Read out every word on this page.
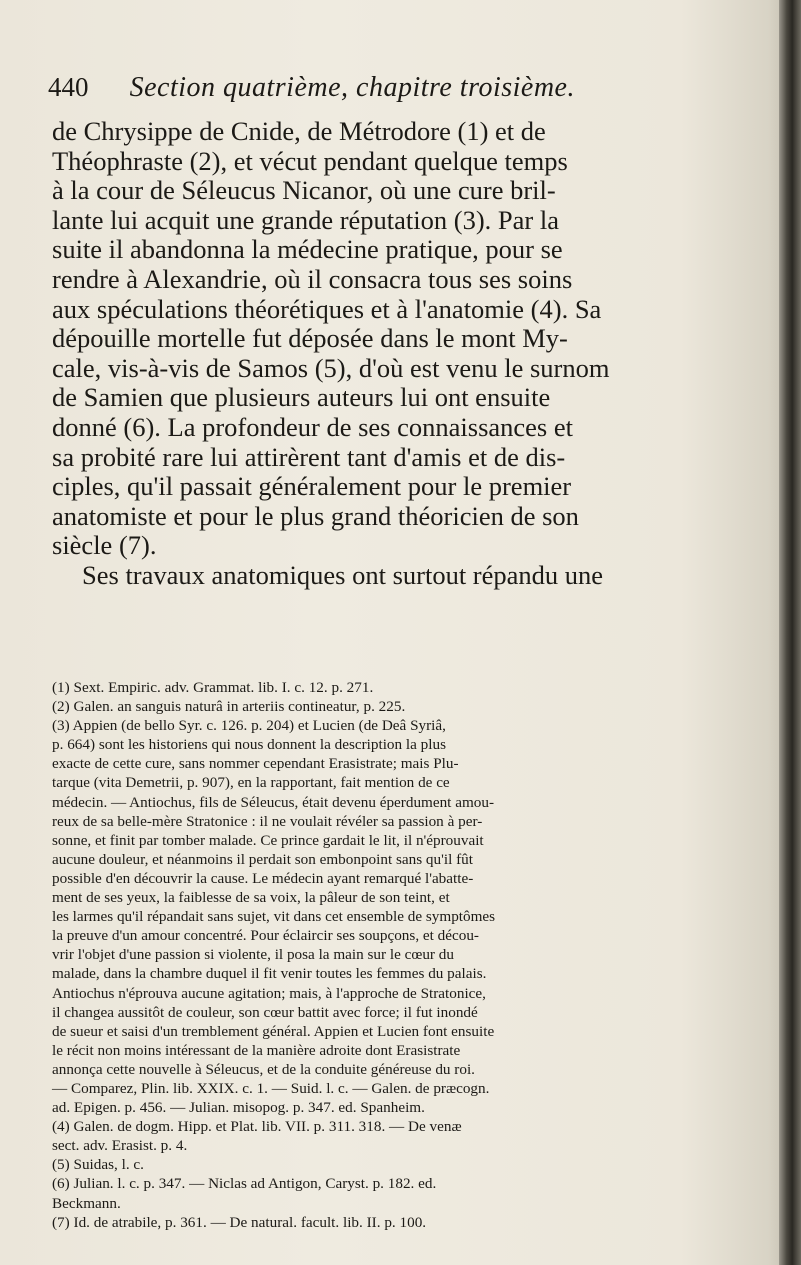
440 Section quatrième, chapitre troisième.
de Chrysippe de Cnide, de Métrodore (1) et de
Théophraste (2), et vécut pendant quelque temps
à la cour de Séleucus Nicanor, où une cure bril-
lante lui acquit une grande réputation (3). Par la
suite il abandonna la médecine pratique, pour se
rendre à Alexandrie, où il consacra tous ses soins
aux spéculations théorétiques et à l'anatomie (4). Sa
dépouille mortelle fut déposée dans le mont My-
cale, vis-à-vis de Samos (5), d'où est venu le surnom
de Samien que plusieurs auteurs lui ont ensuite
donné (6). La profondeur de ses connaissances et
sa probité rare lui attirèrent tant d'amis et de dis-
ciples, qu'il passait généralement pour le premier
anatomiste et pour le plus grand théoricien de son
siècle (7).
Ses travaux anatomiques ont surtout répandu une
(1) Sext. Empiric. adv. Grammat. lib. I. c. 12. p. 271.
(2) Galen. an sanguis naturâ in arteriis contineatur, p. 225.
(3) Appien (de bello Syr. c. 126. p. 204) et Lucien (de Deâ Syriâ,
p. 664) sont les historiens qui nous donnent la description la plus
exacte de cette cure, sans nommer cependant Erasistrate; mais Plu-
tarque (vita Demetrii, p. 907), en la rapportant, fait mention de ce
médecin. — Antiochus, fils de Séleucus, était devenu éperdument amou-
reux de sa belle-mère Stratonice : il ne voulait révéler sa passion à per-
sonne, et finit par tomber malade. Ce prince gardait le lit, il n'éprouvait
aucune douleur, et néanmoins il perdait son embonpoint sans qu'il fût
possible d'en découvrir la cause. Le médecin ayant remarqué l'abatte-
ment de ses yeux, la faiblesse de sa voix, la pâleur de son teint, et
les larmes qu'il répandait sans sujet, vit dans cet ensemble de symptômes
la preuve d'un amour concentré. Pour éclaircir ses soupçons, et décou-
vrir l'objet d'une passion si violente, il posa la main sur le cœur du
malade, dans la chambre duquel il fit venir toutes les femmes du palais.
Antiochus n'éprouva aucune agitation; mais, à l'approche de Stratonice,
il changea aussitôt de couleur, son cœur battit avec force; il fut inondé
de sueur et saisi d'un tremblement général. Appien et Lucien font ensuite
le récit non moins intéressant de la manière adroite dont Erasistrate
annonça cette nouvelle à Séleucus, et de la conduite généreuse du roi.
— Comparez, Plin. lib. XXIX. c. 1. — Suid. l. c. — Galen. de præcogn.
ad. Epigen. p. 456. — Julian. misopog. p. 347. ed. Spanheim.
(4) Galen. de dogm. Hipp. et Plat. lib. VII. p. 311. 318. — De venæ
sect. adv. Erasist. p. 4.
(5) Suidas, l. c.
(6) Julian. l. c. p. 347. — Niclas ad Antigon, Caryst. p. 182. ed.
Beckmann.
(7) Id. de atrabile, p. 361. — De natural. facult. lib. II. p. 100.
